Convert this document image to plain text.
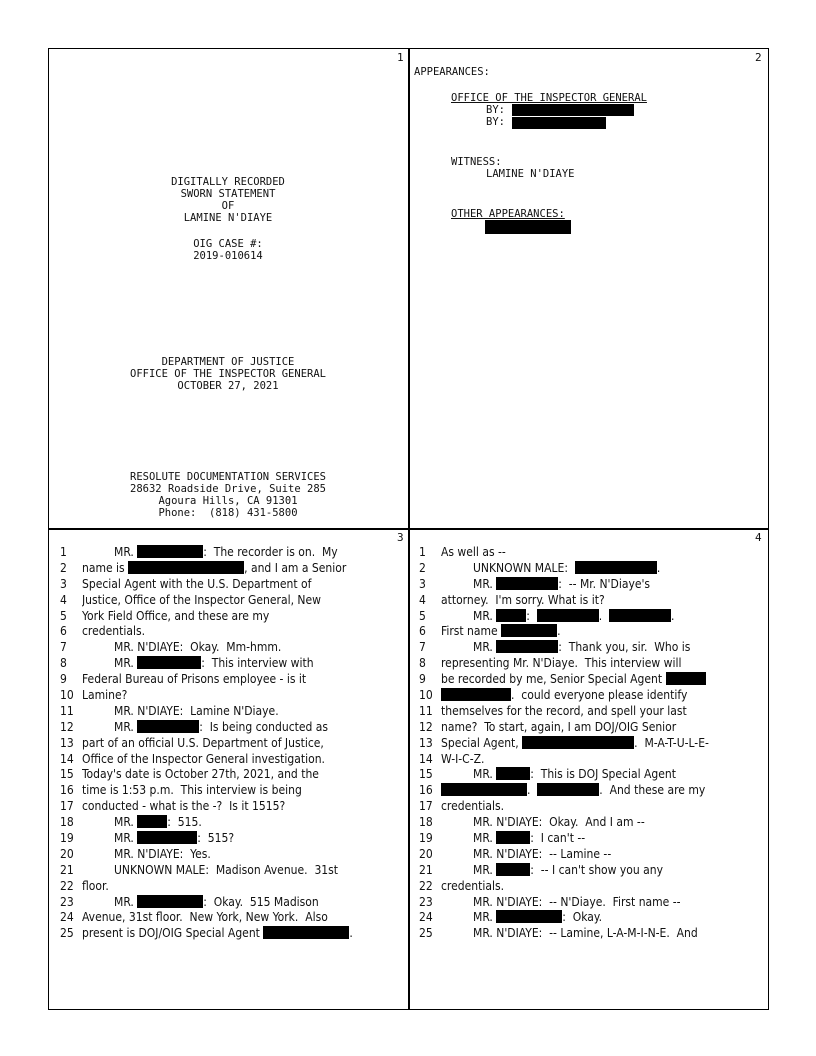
1
DIGITALLY RECORDED
SWORN STATEMENT
OF
LAMINE N'DIAYE
OIG CASE #:
2019-010614
DEPARTMENT OF JUSTICE
OFFICE OF THE INSPECTOR GENERAL
OCTOBER 27, 2021
RESOLUTE DOCUMENTATION SERVICES
28632 Roadside Drive, Suite 285
Agoura Hills, CA 91301
Phone:  (818) 431-5800
2
APPEARANCES:
OFFICE OF THE INSPECTOR GENERAL
BY:
BY:
WITNESS:
LAMINE N'DIAYE
OTHER APPEARANCES:
3
1	MR.	:  The recorder is on.  My
2	name is	, and I am a Senior
3	Special Agent with the U.S. Department of
4	Justice, Office of the Inspector General, New
5	York Field Office, and these are my
6	credentials.
7	MR. N'DIAYE:  Okay.  Mm-hmm.
8	MR.	:  This interview with
9	Federal Bureau of Prisons employee - is it
10 Lamine?
11	MR. N'DIAYE:  Lamine N'Diaye.
12	MR.	:  Is being conducted as
13 part of an official U.S. Department of Justice,
14 Office of the Inspector General investigation.
15 Today's date is October 27th, 2021, and the
16 time is 1:53 p.m.  This interview is being
17 conducted - what is the -?  Is it 1515?
18	MR.	:  515.
19	MR.	:  515?
20	MR. N'DIAYE:  Yes.
21	UNKNOWN MALE:  Madison Avenue.  31st
22 floor.
23	MR.	:  Okay.  515 Madison
24 Avenue, 31st floor.  New York, New York.  Also
25 present is DOJ/OIG Special Agent	.
4
1	As well as --
2	UNKNOWN MALE:	.
3	MR.	:  -- Mr. N'Diaye's
4	attorney.  I'm sorry. What is it?
5	MR.	:	.	.
6	First name	.
7	MR.	:  Thank you, sir.  Who is
8	representing Mr. N'Diaye.  This interview will
9	be recorded by me, Senior Special Agent
10	.  could everyone please identify
11 themselves for the record, and spell your last
12 name?  To start, again, I am DOJ/OIG Senior
13 Special Agent,	.  M-A-T-U-L-E-
14 W-I-C-Z.
15	MR.	:  This is DOJ Special Agent
16	.	.  And these are my
17 credentials.
18	MR. N'DIAYE:  Okay.  And I am --
19	MR.	:  I can't --
20	MR. N'DIAYE:  -- Lamine --
21	MR.	:  -- I can't show you any
22 credentials.
23	MR. N'DIAYE:  -- N'Diaye.  First name --
24	MR.	:  Okay.
25	MR. N'DIAYE:  -- Lamine, L-A-M-I-N-E.  And
